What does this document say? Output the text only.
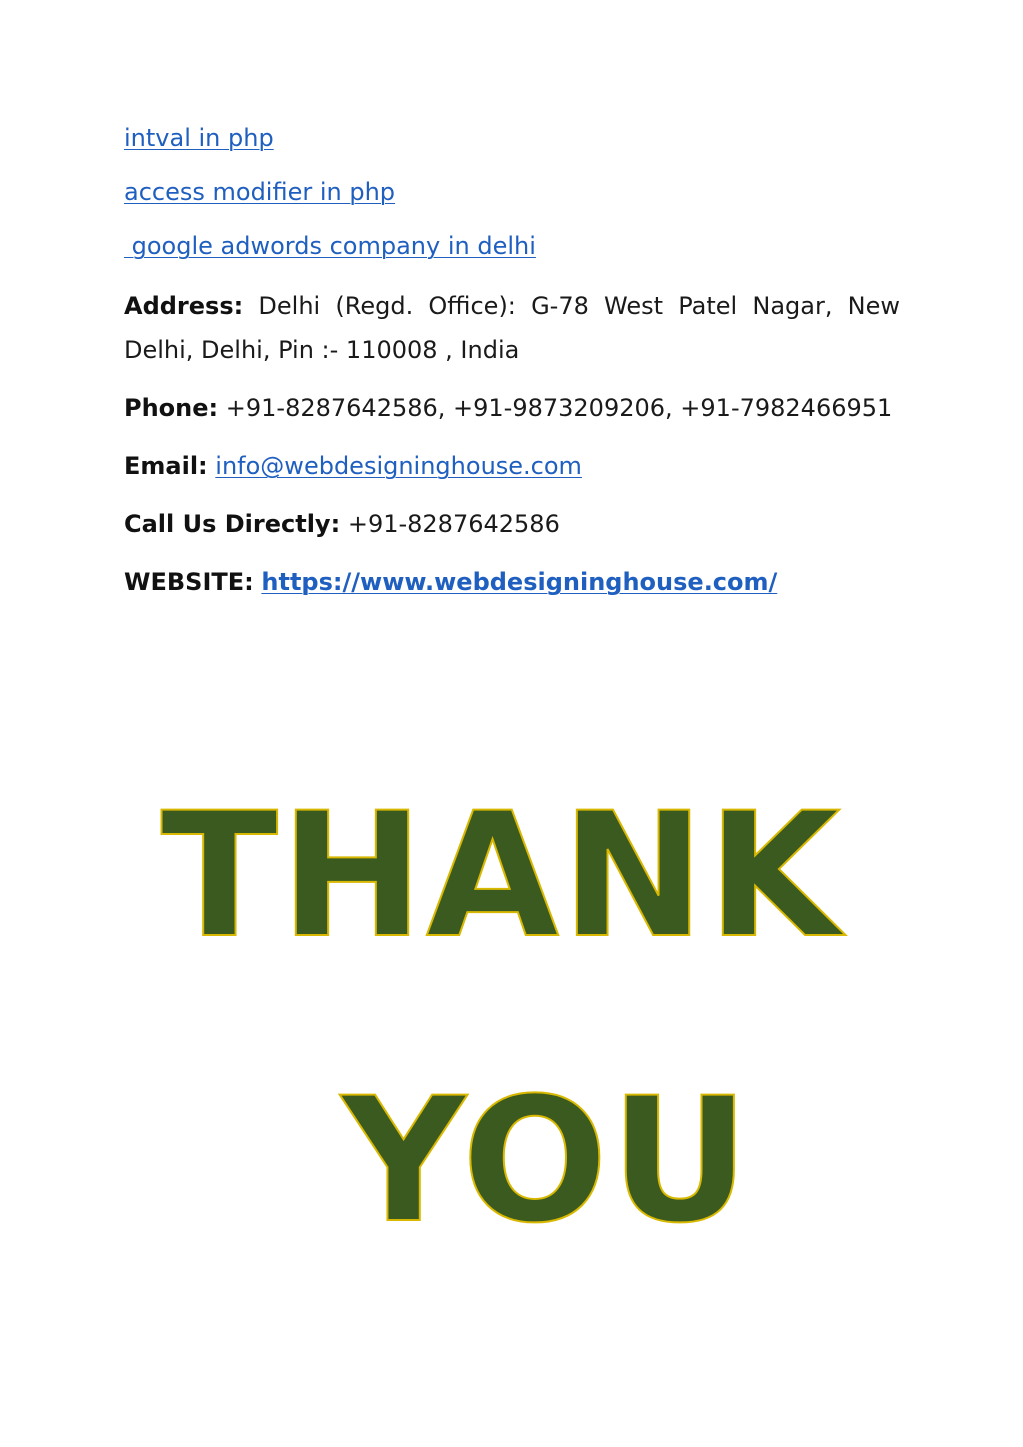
intval in php
access modifier in php
google adwords company in delhi
Address: Delhi (Regd. Office): G-78 West Patel Nagar, New Delhi, Delhi, Pin :- 110008 , India
Phone: +91-8287642586, +91-9873209206, +91-7982466951
Email: info@webdesigninghouse.com
Call Us Directly: +91-8287642586
WEBSITE: https://www.webdesigninghouse.com/
THANK
YOU
